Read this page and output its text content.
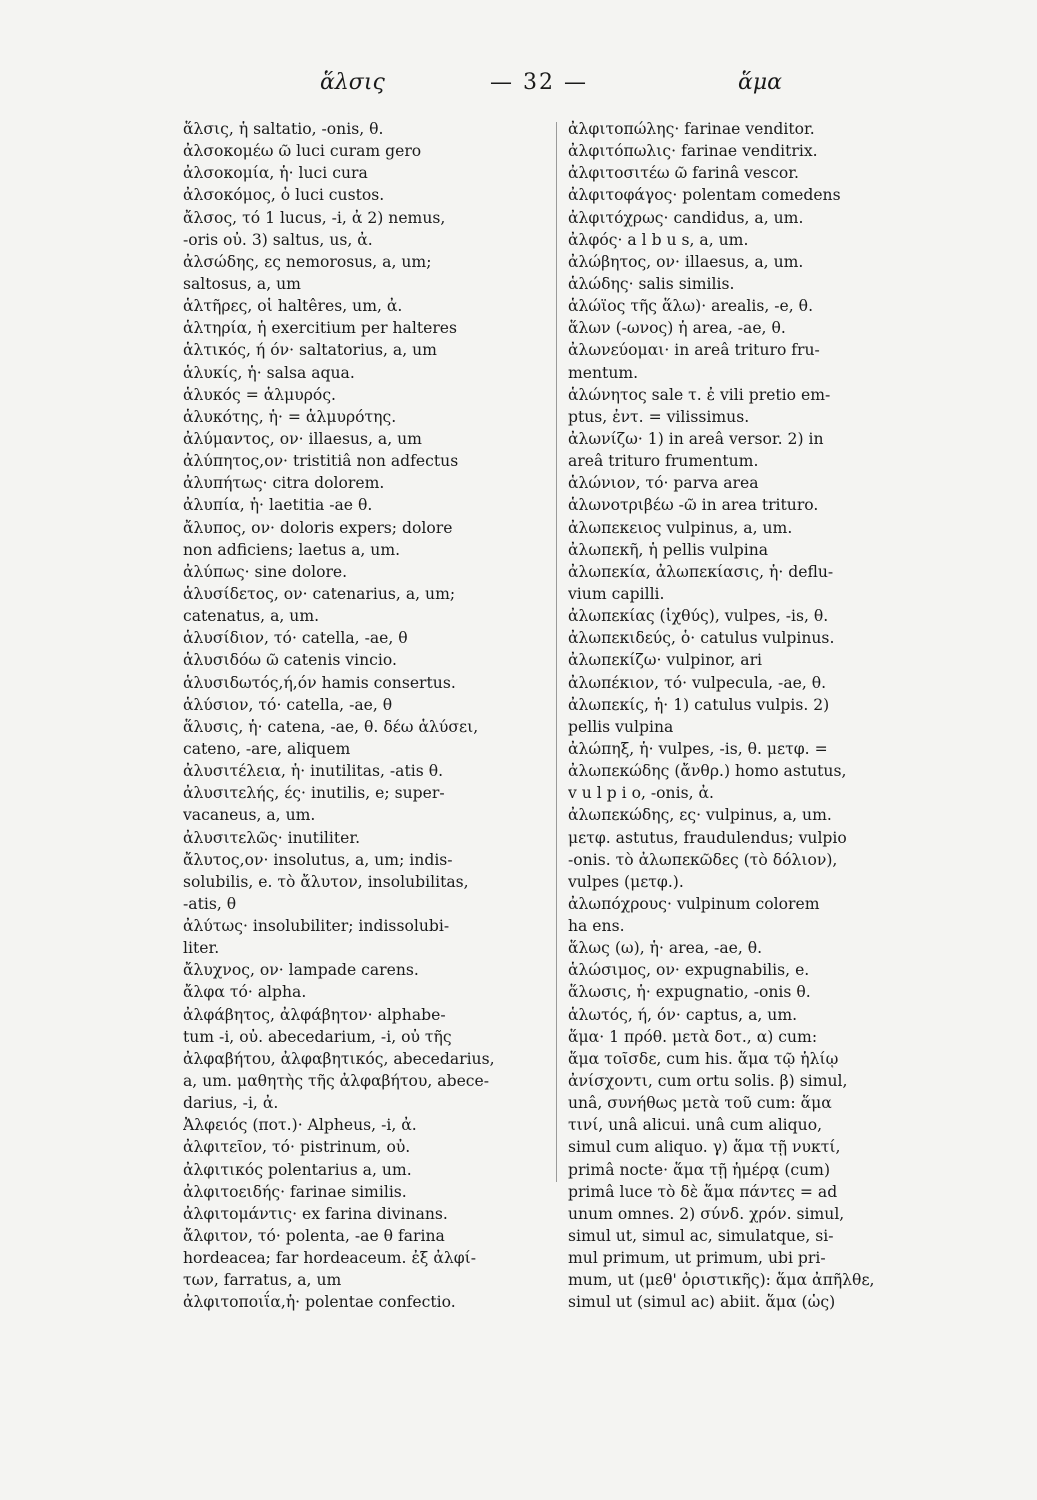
ἅλσις	— 32 —	ἅμα
ἅλσις, ἡ saltatio, -onis, θ.
ἀλσοκομέω ῶ luci curam gero
ἀλσοκομία, ἡ· luci cura
ἀλσοκόμος, ὁ luci custos.
ἄλσος, τό 1 lucus, -i, ἀ 2) nemus,
-oris οὐ. 3) saltus, us, ἀ.
ἀλσώδης, ες nemorosus, a, um;
saltosus, a, um
ἁλτῆρες, οἱ haltêres, um, ἀ.
ἁλτηρία, ἡ exercitium per halteres
ἁλτικός, ή όν· saltatorius, a, um
ἁλυκίς, ἡ· salsa aqua.
ἁλυκός = ἁλμυρός.
ἁλυκότης, ἡ· = ἁλμυρότης.
ἀλύμαντος, ον· illaesus, a, um
ἀλύπητος,ον· tristitiâ non adfectus
ἀλυπήτως· citra dolorem.
ἀλυπία, ἡ· laetitia -ae θ.
ἄλυπος, ον· doloris expers; dolore
non adficiens; laetus a, um.
ἀλύπως· sine dolore.
ἁλυσίδετος, ον· catenarius, a, um;
catenatus, a, um.
ἁλυσίδιον, τό· catella, -ae, θ
ἁλυσιδόω ῶ catenis vincio.
ἁλυσιδωτός,ή,όν hamis consertus.
ἁλύσιον, τό· catella, -ae, θ
ἅλυσις, ἡ· catena, -ae, θ. δέω ἁλύσει,
cateno, -are, aliquem
ἀλυσιτέλεια, ἡ· inutilitas, -atis θ.
ἀλυσιτελής, ές· inutilis, e; super-
vacaneus, a, um.
ἀλυσιτελῶς· inutiliter.
ἄλυτος,ον· insolutus, a, um; indis-
solubilis, e. τὸ ἄλυτον, insolubilitas,
-atis, θ
ἀλύτως· insolubiliter; indissolubi-
liter.
ἄλυχνος, ον· lampade carens.
ἄλφα τό· alpha.
ἀλφάβητος, ἀλφάβητον· alphabe-
tum -i, οὐ. abecedarium, -i, οὐ τῆς
ἀλφαβήτου, ἀλφαβητικός, abecedarius,
a, um. μαθητὴς τῆς ἀλφαβήτου, abece-
darius, -i, ἀ.
Ἀλφειός (ποτ.)· Alpheus, -i, ἀ.
ἀλφιτεῖον, τό· pistrinum, οὐ.
ἀλφιτικός polentarius a, um.
ἀλφιτοειδής· farinae similis.
ἀλφιτομάντις· ex farina divinans.
ἄλφιτον, τό· polenta, -ae θ farina
hordeacea; far hordeaceum. ἐξ ἀλφί-
των, farratus, a, um
ἀλφιτοποιΐα,ἡ· polentae confectio.
ἀλφιτοπώλης· farinae venditor.
ἀλφιτόπωλις· farinae venditrix.
ἀλφιτοσιτέω ῶ farinâ vescor.
ἀλφιτοφάγος· polentam comedens
ἀλφιτόχρως· candidus, a, um.
ἀλφός· a l b u s, a, um.
ἀλώβητος, ον· illaesus, a, um.
ἁλώδης· salis similis.
ἁλώϊος τῆς ἅλω)· arealis, -e, θ.
ἅλων (-ωνος) ἡ area, -ae, θ.
ἀλωνεύομαι· in areâ trituro fru-
mentum.
ἁλώνητος sale τ. ἐ vili pretio em-
ptus, ἐντ. = vilissimus.
ἀλωνίζω· 1) in areâ versor. 2) in
areâ trituro frumentum.
ἁλώνιον, τό· parva area
ἁλωνοτριβέω -ῶ in area trituro.
ἀλωπεκειος vulpinus, a, um.
ἀλωπεκῆ, ἡ pellis vulpina
ἀλωπεκία, ἀλωπεκίασις, ἡ· deflu-
vium capilli.
ἀλωπεκίας (ἰχθύς), vulpes, -is, θ.
ἀλωπεκιδεύς, ὁ· catulus vulpinus.
ἀλωπεκίζω· vulpinor, ari
ἀλωπέκιον, τό· vulpecula, -ae, θ.
ἀλωπεκίς, ἡ· 1) catulus vulpis. 2)
pellis vulpina
ἀλώπηξ, ἡ· vulpes, -is, θ. μετφ. =
ἀλωπεκώδης (ἄνθρ.) homo astutus,
v u l p i o, -onis, ἀ.
ἀλωπεκώδης, ες· vulpinus, a, um.
μετφ. astutus, fraudulendus; vulpio
-onis. τὸ ἀλωπεκῶδες (τὸ δόλιον),
vulpes (μετφ.).
ἀλωπόχρους· vulpinum colorem
ha ens.
ἅλως (ω), ἡ· area, -ae, θ.
ἁλώσιμος, ον· expugnabilis, e.
ἅλωσις, ἡ· expugnatio, -onis θ.
ἁλωτός, ή, όν· captus, a, um.
ἅμα· 1 πρόθ. μετὰ δοτ., α) cum:
ἅμα τοῖσδε, cum his. ἅμα τῷ ἡλίῳ
ἀνίσχοντι, cum ortu solis. β) simul,
unâ, συνήθως μετὰ τοῦ cum: ἅμα
τινί, unâ alicui. unâ cum aliquo,
simul cum aliquo. γ) ἅμα τῇ νυκτί,
primâ nocte· ἅμα τῇ ἡμέρᾳ (cum)
primâ luce τὸ δὲ ἅμα πάντες = ad
unum omnes. 2) σύνδ. χρόν. simul,
simul ut, simul ac, simulatque, si-
mul primum, ut primum, ubi pri-
mum, ut (μεθ' ὁριστικῆς): ἅμα ἀπῆλθε,
simul ut (simul ac) abiit. ἅμα (ὡς)
